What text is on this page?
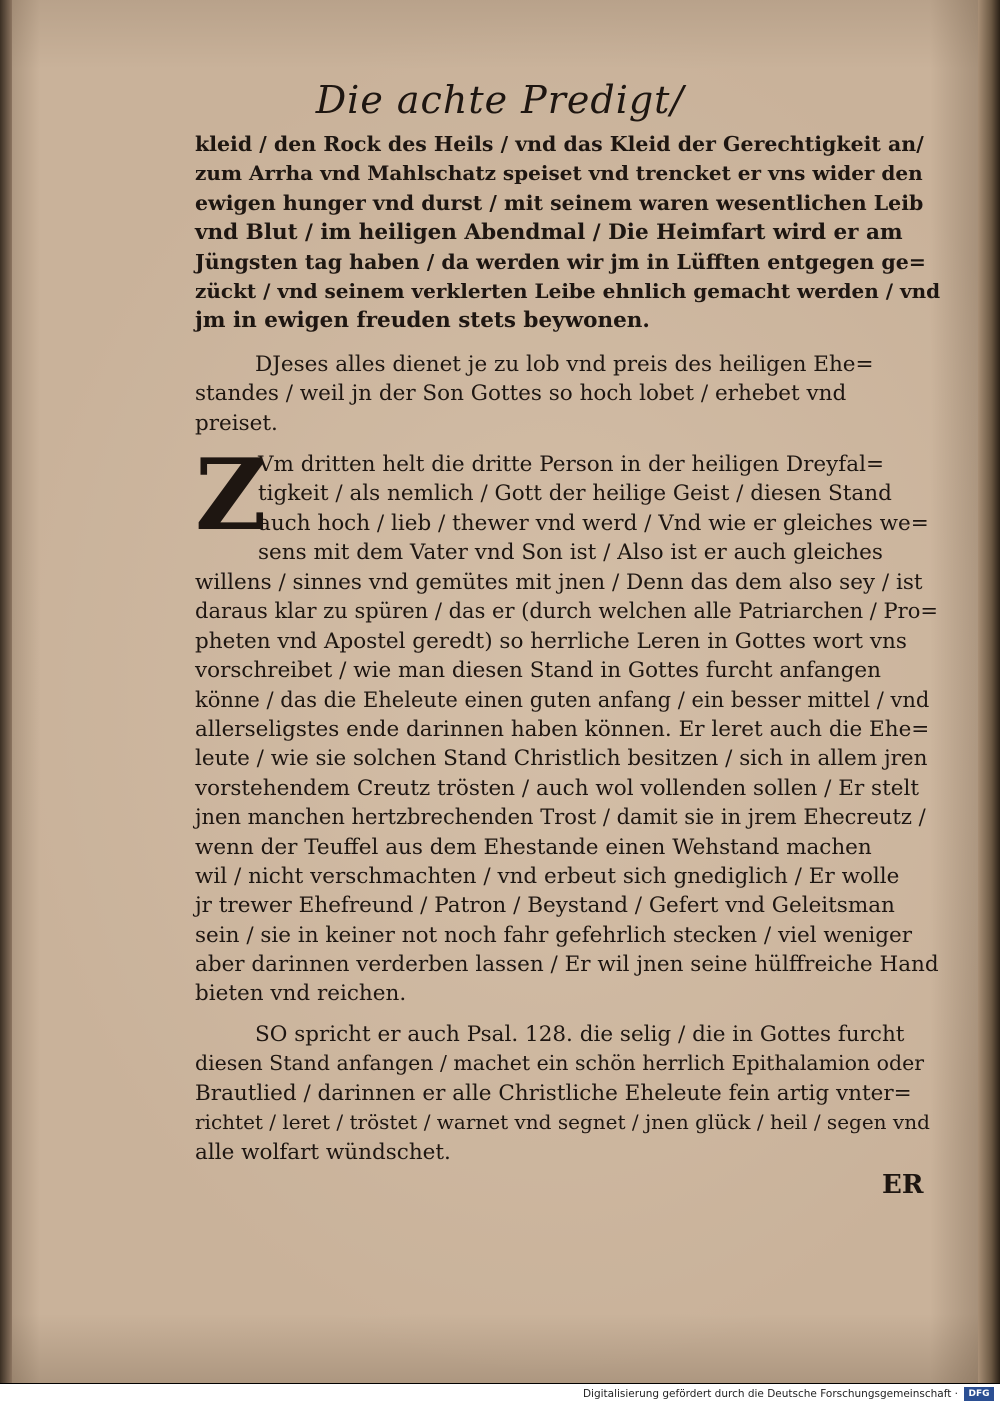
Die achte Predigt/
kleid / den Rock des Heils / vnd das Kleid der Gerechtigkeit an/
zum Arrha vnd Mahlschatz speiset vnd trencket er vns wider den
ewigen hunger vnd durst / mit seinem waren wesentlichen Leib
vnd Blut / im heiligen Abendmal / Die Heimfart wird er am
Jüngsten tag haben / da werden wir jm in Lüfften entgegen ge=
zückt / vnd seinem verklerten Leibe ehnlich gemacht werden / vnd
jm in ewigen freuden stets beywonen.
DJeses alles dienet je zu lob vnd preis des heiligen Ehe=
standes / weil jn der Son Gottes so hoch lobet / erhebet vnd
preiset.
Z
Vm dritten helt die dritte Person in der heiligen Dreyfal=
tigkeit / als nemlich / Gott der heilige Geist / diesen Stand
auch hoch / lieb / thewer vnd werd / Vnd wie er gleiches we=
sens mit dem Vater vnd Son ist / Also ist er auch gleiches
willens / sinnes vnd gemütes mit jnen / Denn das dem also sey / ist
daraus klar zu spüren / das er (durch welchen alle Patriarchen / Pro=
pheten vnd Apostel geredt) so herrliche Leren in Gottes wort vns
vorschreibet / wie man diesen Stand in Gottes furcht anfangen
könne / das die Eheleute einen guten anfang / ein besser mittel / vnd
allerseligstes ende darinnen haben können. Er leret auch die Ehe=
leute / wie sie solchen Stand Christlich besitzen / sich in allem jren
vorstehendem Creutz trösten / auch wol vollenden sollen / Er stelt
jnen manchen hertzbrechenden Trost / damit sie in jrem Ehecreutz /
wenn der Teuffel aus dem Ehestande einen Wehstand machen
wil / nicht verschmachten / vnd erbeut sich gnediglich / Er wolle
jr trewer Ehefreund / Patron / Beystand / Gefert vnd Geleitsman
sein / sie in keiner not noch fahr gefehrlich stecken / viel weniger
aber darinnen verderben lassen / Er wil jnen seine hülffreiche Hand
bieten vnd reichen.
SO spricht er auch Psal. 128. die selig / die in Gottes furcht
diesen Stand anfangen / machet ein schön herrlich Epithalamion oder
Brautlied / darinnen er alle Christliche Eheleute fein artig vnter=
richtet / leret / tröstet / warnet vnd segnet / jnen glück / heil / segen vnd
alle wolfart wündschet.
ER
Digitalisierung gefördert durch die Deutsche Forschungsgemeinschaft ·	DFG
